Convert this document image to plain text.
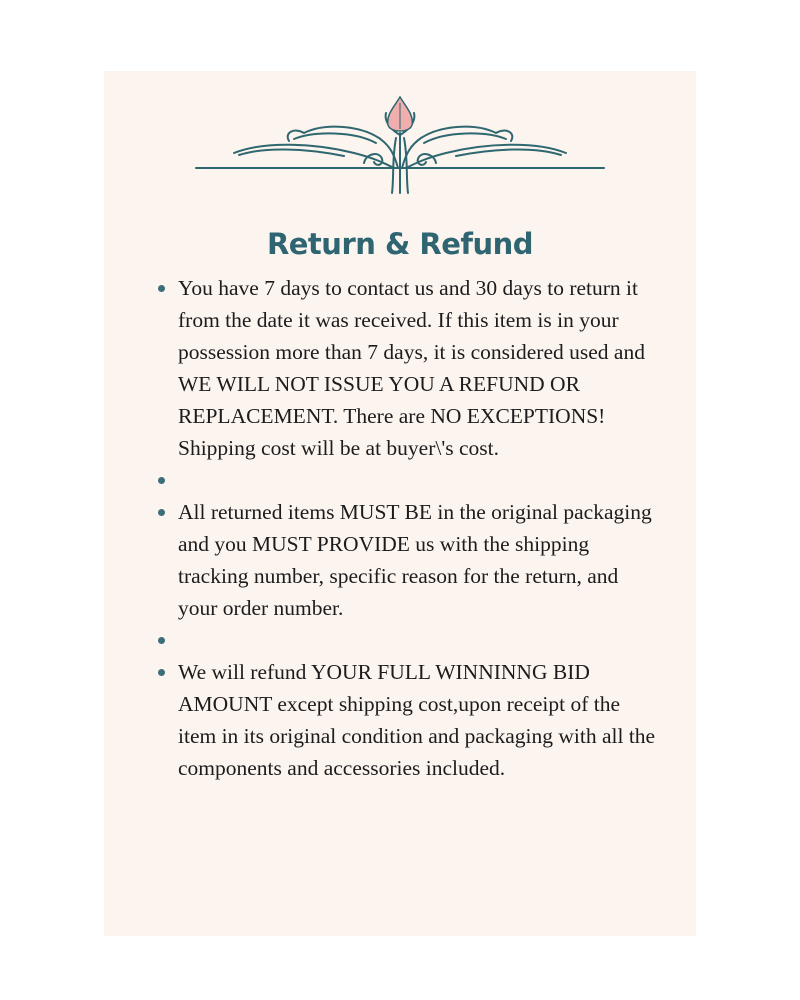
Return & Refund
You have 7 days to contact us and 30 days to return it from the date it was received. If this item is in your possession more than 7 days, it is considered used and WE WILL NOT ISSUE YOU A REFUND OR REPLACEMENT. There are NO EXCEPTIONS! Shipping cost will be at buyer\'s cost.
All returned items MUST BE in the original packaging and you MUST PROVIDE us with the shipping tracking number, specific reason for the return, and your order number.
We will refund YOUR FULL WINNINNG BID AMOUNT except shipping cost,upon receipt of the item in its original condition and packaging with all the components and accessories included.
